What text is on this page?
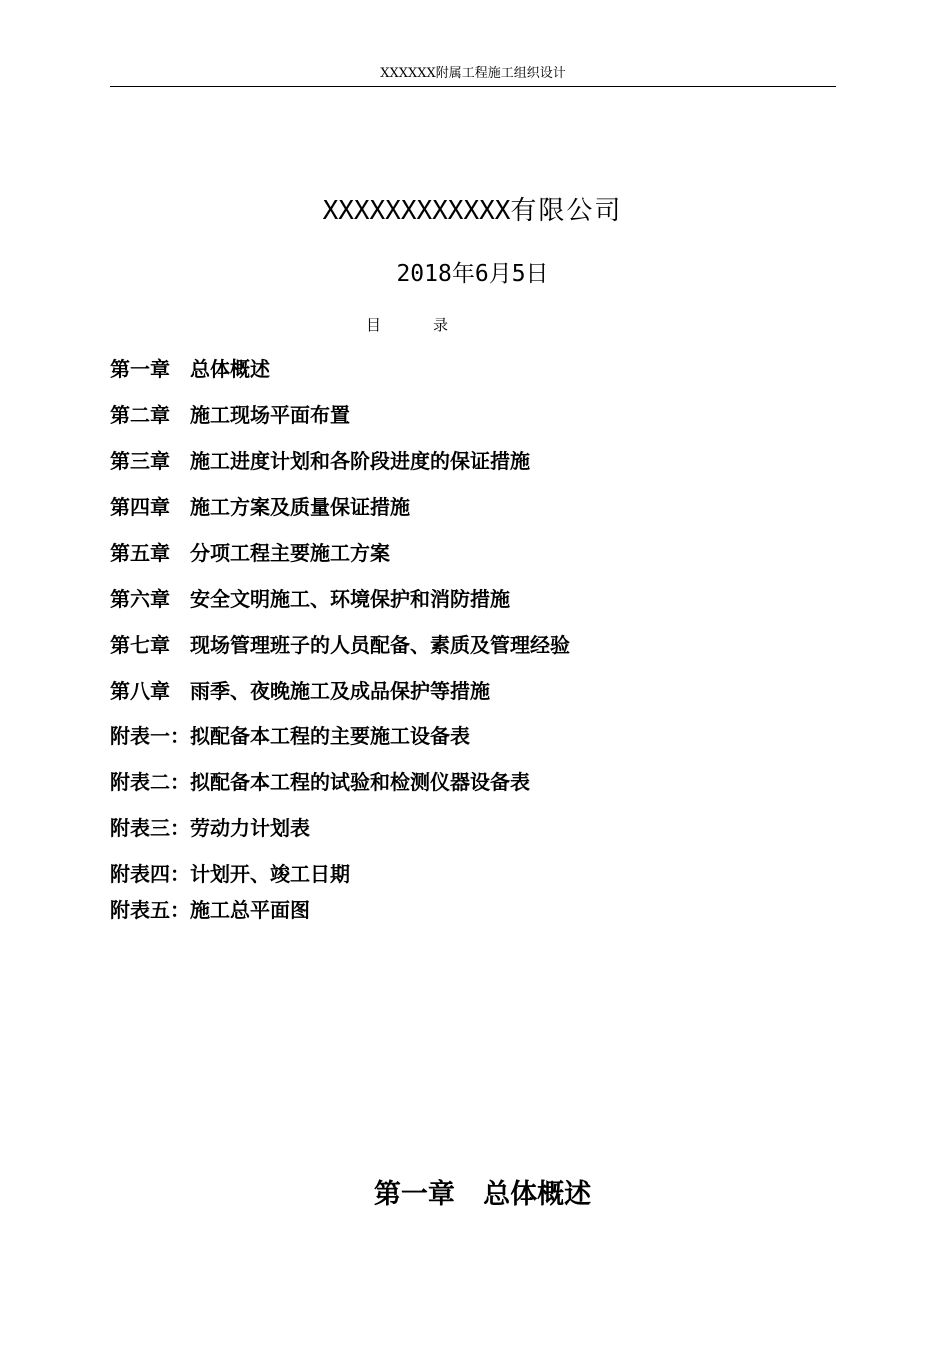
XXXXXX附属工程施工组织设计
XXXXXXXXXXXX有限公司
2018年6月5日
目	录
第一章 总体概述
第二章 施工现场平面布置
第三章 施工进度计划和各阶段进度的保证措施
第四章 施工方案及质量保证措施
第五章 分项工程主要施工方案
第六章 安全文明施工、环境保护和消防措施
第七章 现场管理班子的人员配备、素质及管理经验
第八章 雨季、夜晚施工及成品保护等措施
附表一：拟配备本工程的主要施工设备表
附表二：拟配备本工程的试验和检测仪器设备表
附表三：劳动力计划表
附表四：计划开、竣工日期
附表五：施工总平面图
第一章 总体概述
